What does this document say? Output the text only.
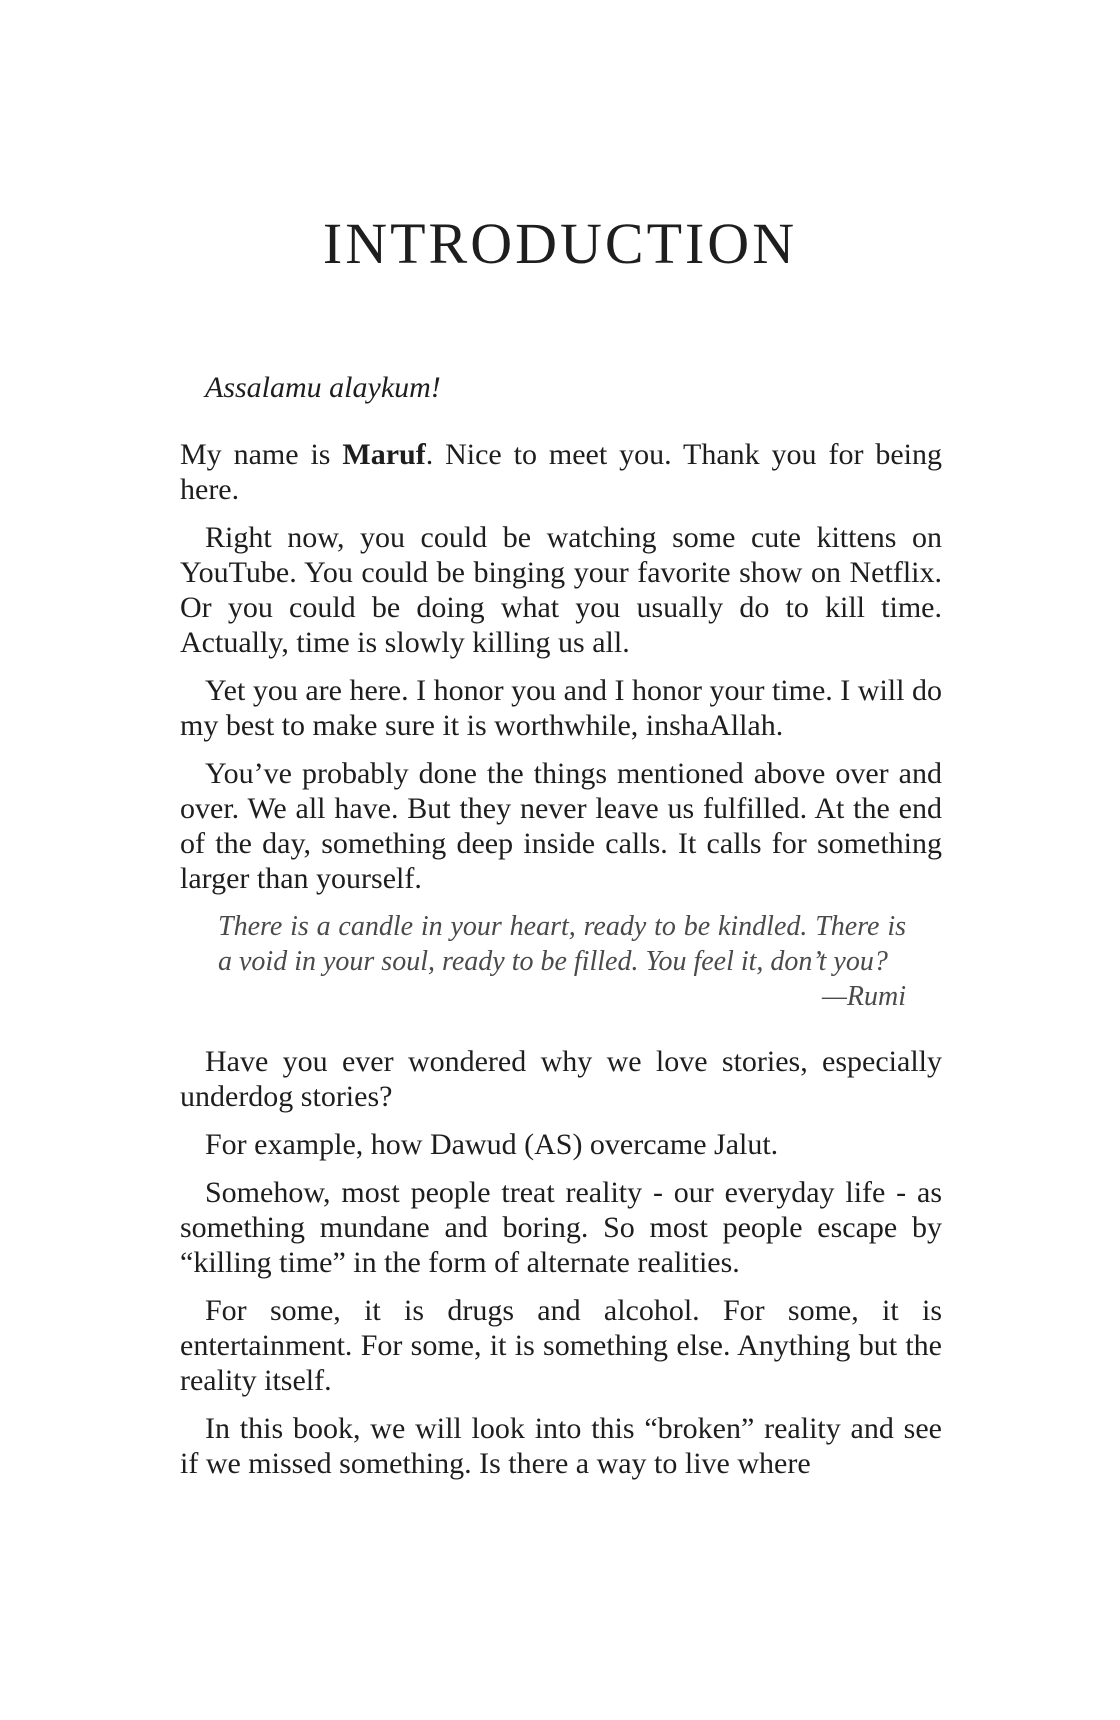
INTRODUCTION

Assalamu alaykum!

My name is Maruf. Nice to meet you. Thank you for being here.

Right now, you could be watching some cute kittens on YouTube. You could be binging your favorite show on Netflix. Or you could be doing what you usually do to kill time. Actually, time is slowly killing us all.

Yet you are here. I honor you and I honor your time. I will do my best to make sure it is worthwhile, inshaAllah.

You’ve probably done the things mentioned above over and over. We all have. But they never leave us fulfilled. At the end of the day, something deep inside calls. It calls for something larger than yourself.

There is a candle in your heart, ready to be kindled. There is a void in your soul, ready to be filled. You feel it, don’t you?
—Rumi

Have you ever wondered why we love stories, especially underdog stories?

For example, how Dawud (AS) overcame Jalut.

Somehow, most people treat reality - our everyday life - as something mundane and boring. So most people escape by “killing time” in the form of alternate realities.

For some, it is drugs and alcohol. For some, it is entertainment. For some, it is something else. Anything but the reality itself.

In this book, we will look into this “broken” reality and see if we missed something. Is there a way to live where
